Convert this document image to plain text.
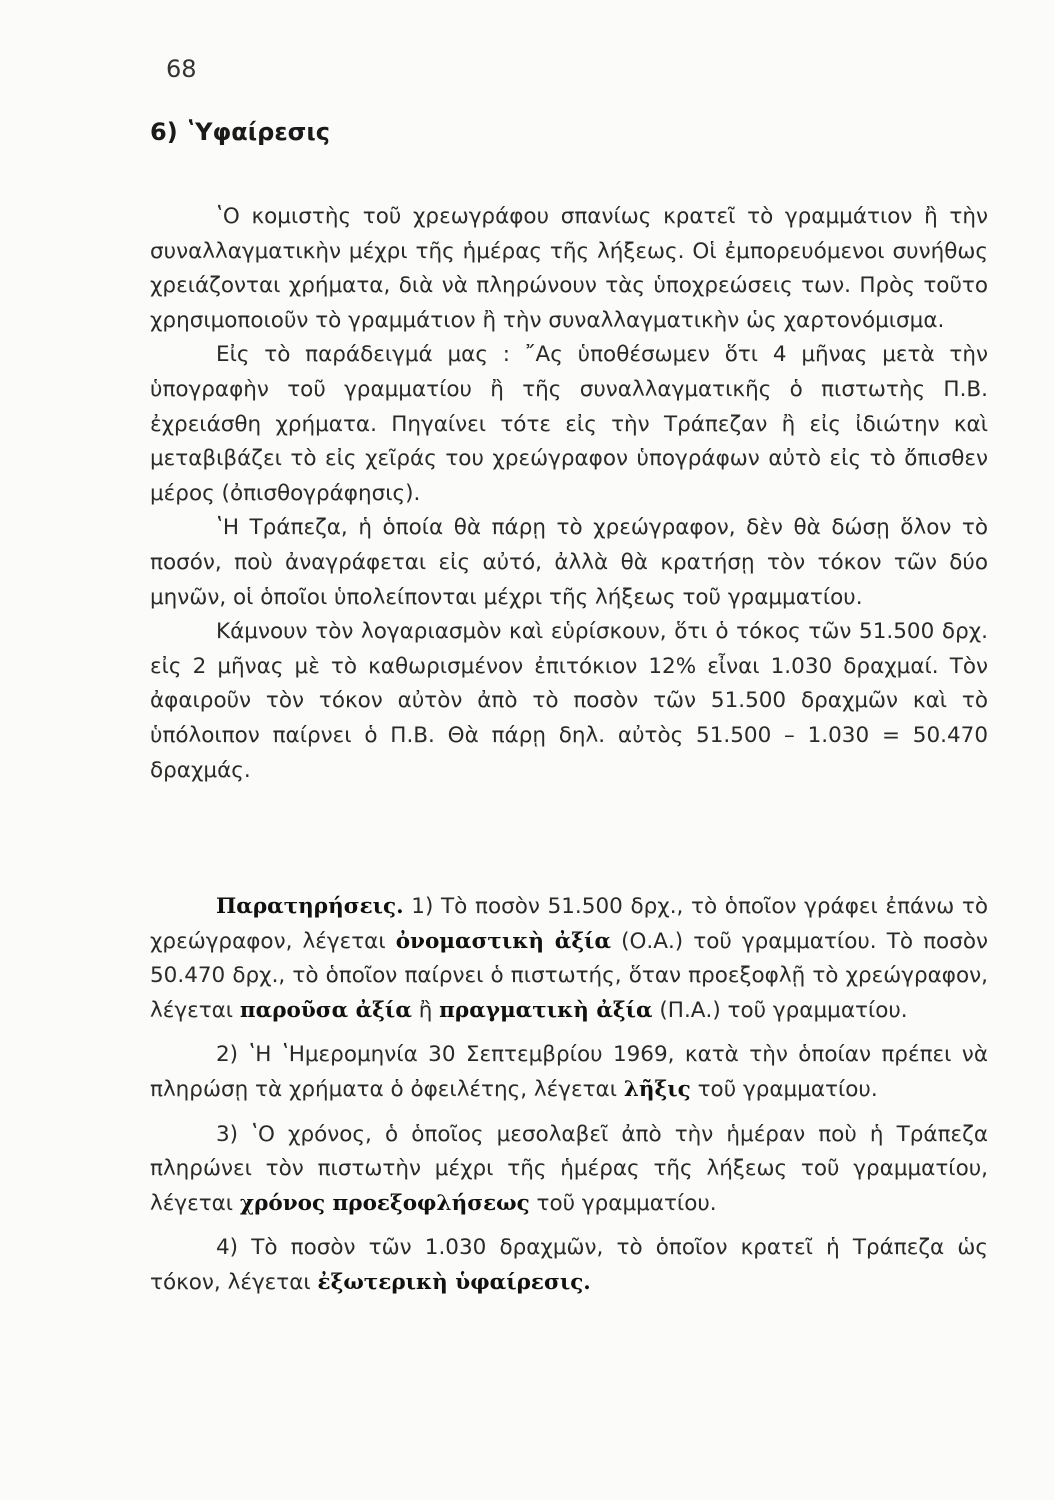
68
6) ʽΥφαίρεσις

ʽΟ κομιστὴς τοῦ χρεωγράφου σπανίως κρατεῖ τὸ γραμμάτιον ἢ τὴν συναλλαγματικὴν μέχρι τῆς ἡμέρας τῆς λήξεως. Οἱ ἐμπορευόμενοι συνήθως χρειάζονται χρήματα, διὰ νὰ πληρώνουν τὰς ὑποχρεώσεις των. Πρὸς τοῦτο χρησιμοποιοῦν τὸ γραμμάτιον ἢ τὴν συναλλαγματικὴν ὡς χαρτονόμισμα.

Εἰς τὸ παράδειγμά μας : ῎Ας ὑποθέσωμεν ὅτι 4 μῆνας μετὰ τὴν ὑπογραφὴν τοῦ γραμματίου ἢ τῆς συναλλαγματικῆς ὁ πιστωτὴς Π.Β. ἐχρειάσθη χρήματα. Πηγαίνει τότε εἰς τὴν Τράπεζαν ἢ εἰς ἰδιώτην καὶ μεταβιβάζει τὸ εἰς χεῖράς του χρεώγραφον ὑπογράφων αὐτὸ εἰς τὸ ὄπισθεν μέρος (ὀπισθογράφησις).

ʽΗ Τράπεζα, ἡ ὁποία θὰ πάρῃ τὸ χρεώγραφον, δὲν θὰ δώσῃ ὅλον τὸ ποσόν, ποὺ ἀναγράφεται εἰς αὐτό, ἀλλὰ θὰ κρατήσῃ τὸν τόκον τῶν δύο μηνῶν, οἱ ὁποῖοι ὑπολείπονται μέχρι τῆς λήξεως τοῦ γραμματίου.

Κάμνουν τὸν λογαριασμὸν καὶ εὑρίσκουν, ὅτι ὁ τόκος τῶν 51.500 δρχ. εἰς 2 μῆνας μὲ τὸ καθωρισμένον ἐπιτόκιον 12% εἶναι 1.030 δραχμαί. Τὸν ἀφαιροῦν τὸν τόκον αὐτὸν ἀπὸ τὸ ποσὸν τῶν 51.500 δραχμῶν καὶ τὸ ὑπόλοιπον παίρνει ὁ Π.Β. Θὰ πάρῃ δηλ. αὐτὸς 51.500 – 1.030 = 50.470 δραχμάς.

Παρατηρήσεις. 1) Τὸ ποσὸν 51.500 δρχ., τὸ ὁποῖον γράφει ἐπάνω τὸ χρεώγραφον, λέγεται ὀνομαστικὴ ἀξία (Ο.Α.) τοῦ γραμματίου. Τὸ ποσὸν 50.470 δρχ., τὸ ὁποῖον παίρνει ὁ πιστωτής, ὅταν προεξοφλῇ τὸ χρεώγραφον, λέγεται παροῦσα ἀξία ἢ πραγματικὴ ἀξία (Π.Α.) τοῦ γραμματίου.

2) ʽΗ ʽΗμερομηνία 30 Σεπτεμβρίου 1969, κατὰ τὴν ὁποίαν πρέπει νὰ πληρώσῃ τὰ χρήματα ὁ ὀφειλέτης, λέγεται λῆξις τοῦ γραμματίου.

3) ʽΟ χρόνος, ὁ ὁποῖος μεσολαβεῖ ἀπὸ τὴν ἡμέραν ποὺ ἡ Τράπεζα πληρώνει τὸν πιστωτὴν μέχρι τῆς ἡμέρας τῆς λήξεως τοῦ γραμματίου, λέγεται χρόνος προεξοφλήσεως τοῦ γραμματίου.

4) Τὸ ποσὸν τῶν 1.030 δραχμῶν, τὸ ὁποῖον κρατεῖ ἡ Τράπεζα ὡς τόκον, λέγεται ἐξωτερικὴ ὑφαίρεσις.
